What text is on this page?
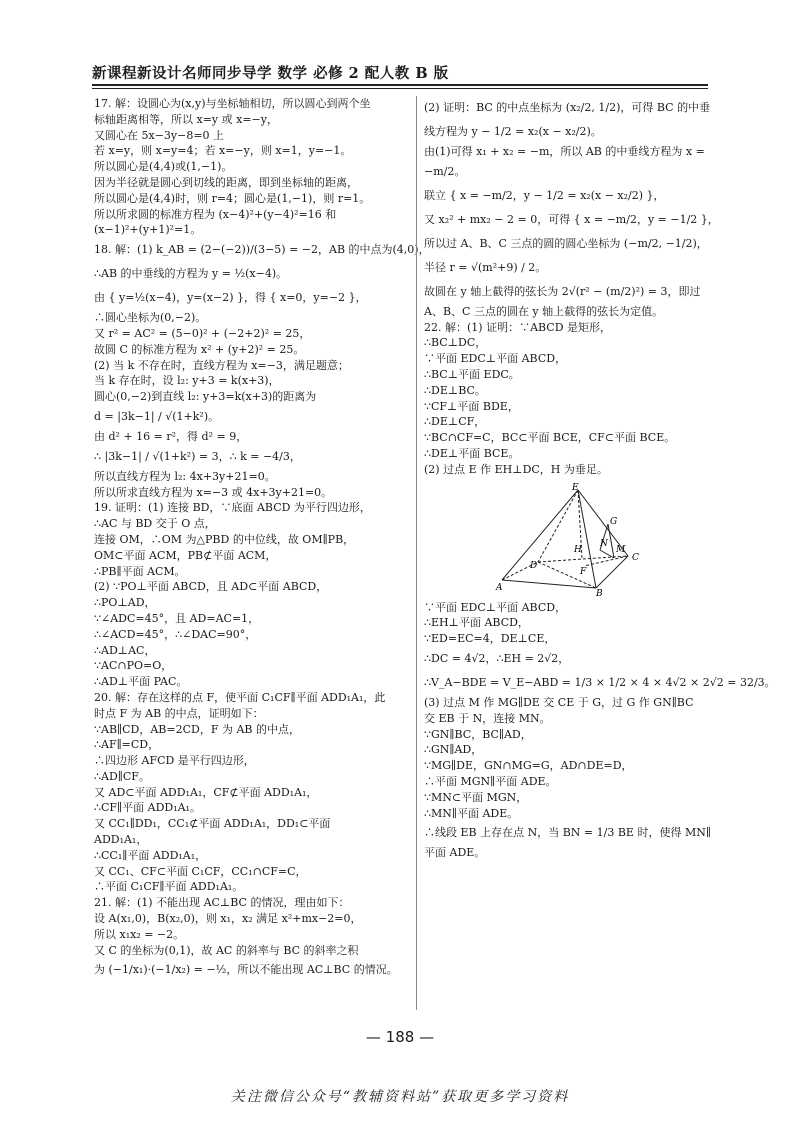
新课程新设计名师同步导学 数学 必修 2 配人教 B 版
17. 解：设圆心为(x,y)与坐标轴相切，所以圆心到两个坐
标轴距离相等，所以 x=y 或 x=−y，
又圆心在 5x−3y−8=0 上
若 x=y，则 x=y=4；若 x=−y，则 x=1，y=−1。
所以圆心是(4,4)或(1,−1)。
因为半径就是圆心到切线的距离，即到坐标轴的距离，
所以圆心是(4,4)时，则 r=4；圆心是(1,−1)，则 r=1。
所以所求圆的标准方程为 (x−4)²+(y−4)²=16 和
(x−1)²+(y+1)²=1。
18. 解：(1) k_AB = (2−(−2))/(3−5) = −2，AB 的中点为(4,0)，
∴AB 的中垂线的方程为 y = ½(x−4)。
由 { y=½(x−4)，y=(x−2) }，得 { x=0，y=−2 }，
∴圆心坐标为(0,−2)。
又 r² = AC² = (5−0)² + (−2+2)² = 25，
故圆 C 的标准方程为 x² + (y+2)² = 25。
(2) 当 k 不存在时，直线方程为 x=−3，满足题意；
当 k 存在时，设 l₂: y+3 = k(x+3)，
圆心(0,−2)到直线 l₂: y+3=k(x+3)的距离为
d = |3k−1| / √(1+k²)。
由 d² + 16 = r²，得 d² = 9，
∴ |3k−1| / √(1+k²) = 3，∴ k = −4/3，
所以直线方程为 l₂: 4x+3y+21=0。
所以所求直线方程为 x=−3 或 4x+3y+21=0。
19. 证明：(1) 连接 BD，∵底面 ABCD 为平行四边形，
∴AC 与 BD 交于 O 点，
连接 OM，∴OM 为△PBD 的中位线，故 OM∥PB，
OM⊂平面 ACM，PB⊄平面 ACM，
∴PB∥平面 ACM。
(2) ∵PO⊥平面 ABCD，且 AD⊂平面 ABCD，
∴PO⊥AD，
∵∠ADC=45°，且 AD=AC=1，
∴∠ACD=45°，∴∠DAC=90°，
∴AD⊥AC，
∵AC∩PO=O，
∴AD⊥平面 PAC。
20. 解：存在这样的点 F，使平面 C₁CF∥平面 ADD₁A₁，此
时点 F 为 AB 的中点，证明如下：
∵AB∥CD，AB=2CD，F 为 AB 的中点，
∴AF∥=CD，
∴四边形 AFCD 是平行四边形，
∴AD∥CF。
又 AD⊂平面 ADD₁A₁，CF⊄平面 ADD₁A₁，
∴CF∥平面 ADD₁A₁。
又 CC₁∥DD₁，CC₁⊄平面 ADD₁A₁，DD₁⊂平面
ADD₁A₁，
∴CC₁∥平面 ADD₁A₁，
又 CC₁、CF⊂平面 C₁CF，CC₁∩CF=C，
∴平面 C₁CF∥平面 ADD₁A₁。
21. 解：(1) 不能出现 AC⊥BC 的情况，理由如下：
设 A(x₁,0)，B(x₂,0)，则 x₁，x₂ 满足 x²+mx−2=0，
所以 x₁x₂ = −2。
又 C 的坐标为(0,1)，故 AC 的斜率与 BC 的斜率之积
为 (−1/x₁)·(−1/x₂) = −½，所以不能出现 AC⊥BC 的情况。
(2) 证明：BC 的中点坐标为 (x₂/2, 1/2)，可得 BC 的中垂
线方程为 y − 1/2 = x₂(x − x₂/2)。
由(1)可得 x₁ + x₂ = −m，所以 AB 的中垂线方程为 x =
−m/2。
联立 { x = −m/2，y − 1/2 = x₂(x − x₂/2) }，
又 x₂² + mx₂ − 2 = 0，可得 { x = −m/2，y = −1/2 }，
所以过 A、B、C 三点的圆的圆心坐标为 (−m/2, −1/2)，
半径 r = √(m²+9) / 2。
故圆在 y 轴上截得的弦长为 2√(r² − (m/2)²) = 3，即过
A、B、C 三点的圆在 y 轴上截得的弦长为定值。
22. 解：(1) 证明：∵ABCD 是矩形，
∴BC⊥DC，
∵平面 EDC⊥平面 ABCD，
∴BC⊥平面 EDC。
∴DE⊥BC。
∵CF⊥平面 BDE，
∴DE⊥CF，
∵BC∩CF=C，BC⊂平面 BCE，CF⊂平面 BCE。
∴DE⊥平面 BCE。
(2) 过点 E 作 EH⊥DC，H 为垂足。
E
G
N
H	M
C
F
D
A
B
∵平面 EDC⊥平面 ABCD，
∴EH⊥平面 ABCD，
∵ED=EC=4，DE⊥CE，
∴DC = 4√2，∴EH = 2√2，
∴V_A−BDE = V_E−ABD = 1/3 × 1/2 × 4 × 4√2 × 2√2 = 32/3。
(3) 过点 M 作 MG∥DE 交 CE 于 G，过 G 作 GN∥BC
交 EB 于 N，连接 MN。
∵GN∥BC，BC∥AD，
∴GN∥AD，
∵MG∥DE，GN∩MG=G，AD∩DE=D，
∴平面 MGN∥平面 ADE。
∵MN⊂平面 MGN，
∴MN∥平面 ADE。
∴线段 EB 上存在点 N，当 BN = 1/3 BE 时，使得 MN∥
平面 ADE。
— 188 —
关注微信公众号“教辅资料站”获取更多学习资料
